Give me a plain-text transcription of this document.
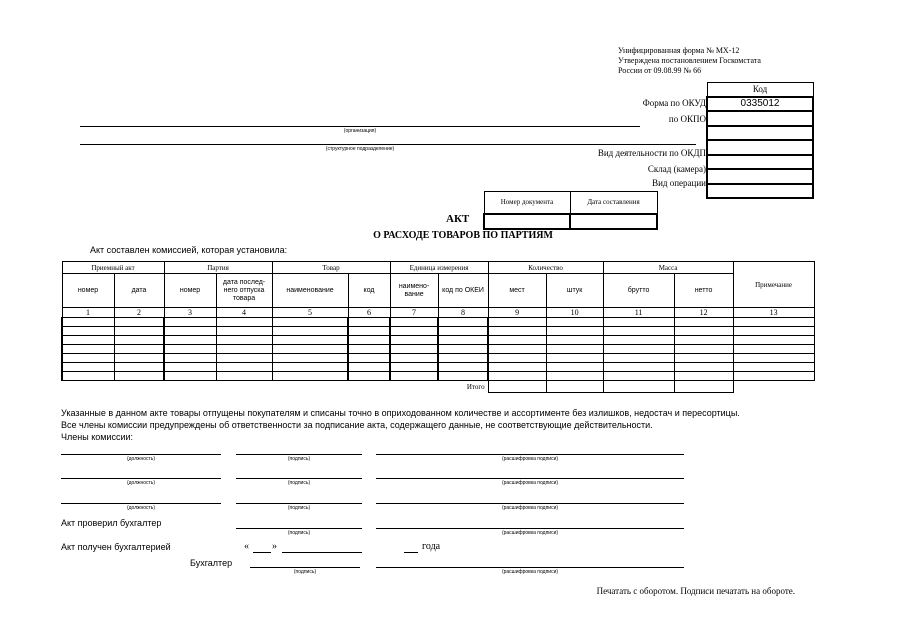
Унифицированная форма № МХ-12
Утверждена постановлением Госкомстата
России от 09.08.99 № 66
Код
0335012

Форма по ОКУД
по ОКПО
Вид деятельности по ОКДП
Склад (камера)
Вид операции
(организация)
(структурное подразделение)
Номер документа	Дата составления

АКТ
О РАСХОДЕ ТОВАРОВ ПО ПАРТИЯМ
Акт составлен комиссией, которая установила:
Приемный акт		Партия		Товар		Единица измерения		Количество		Масса		Примечание
номер	дата	номер	дата послед-него отпуска товара	наименование	код	наимено-вание	код по ОКЕИ	мест	штук	брутто	нетто	
1	2	3	4	5	6	7	8	9	10	11	12	13

							Итого					
Указанные в данном акте товары отпущены покупателям и списаны точно в оприходованном количестве и ассортименте без излишков, недостач и пересортицы.
Все члены комиссии предупреждены об ответственности за подписание акта, содержащего данные, не соответствующие действительности.
Члены комиссии:
(должность)	(подпись)	(расшифровка подписи)
(должность)	(подпись)	(расшифровка подписи)
(должность)	(подпись)	(расшифровка подписи)
(подпись)	(расшифровка подписи)
(подпись)	(расшифровка подписи)
Акт проверил бухгалтер
Акт получен бухгалтерией	« »	года
Бухгалтер
Печатать с оборотом. Подписи печатать на обороте.
